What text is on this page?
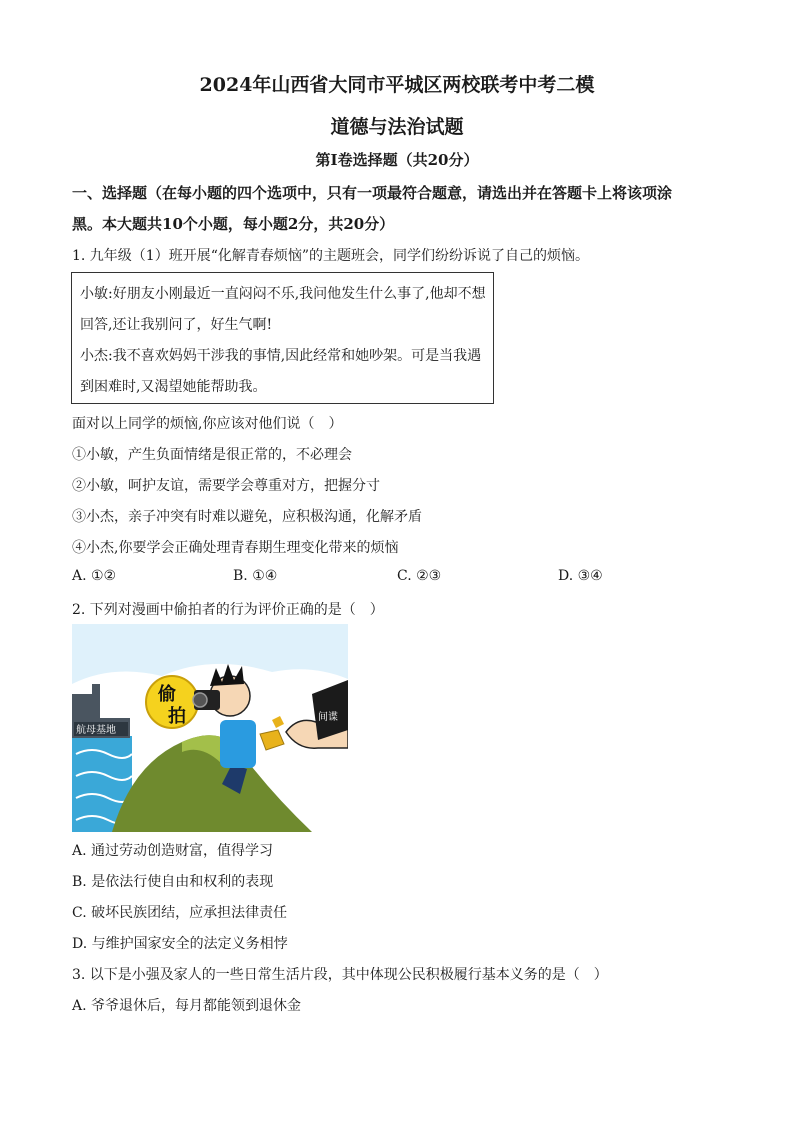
2024年山西省大同市平城区两校联考中考二模
道德与法治试题
第Ⅰ卷选择题（共20分）
一、选择题（在每小题的四个选项中，只有一项最符合题意，请选出并在答题卡上将该项涂
黑。本大题共10个小题，每小题2分，共20分）
1. 九年级（1）班开展“化解青春烦恼”的主题班会，同学们纷纷诉说了自己的烦恼。

小敏:好朋友小刚最近一直闷闷不乐,我问他发生什么事了,他却不想

回答,还让我别问了，好生气啊!

小杰:我不喜欢妈妈干涉我的事情,因此经常和她吵架。可是当我遇

到困难时,又渴望她能帮助我。

面对以上同学的烦恼,你应该对他们说（　）
①小敏，产生负面情绪是很正常的，不必理会
②小敏，呵护友谊，需要学会尊重对方，把握分寸
③小杰，亲子冲突有时难以避免，应积极沟通，化解矛盾
④小杰,你要学会正确处理青春期生理变化带来的烦恼
A. ①②	B. ①④	C. ②③	D. ③④
2. 下列对漫画中偷拍者的行为评价正确的是（　）
航母基地
偷
拍	间谍
A. 通过劳动创造财富，值得学习
B. 是依法行使自由和权利的表现
C. 破坏民族团结，应承担法律责任
D. 与维护国家安全的法定义务相悖
3. 以下是小强及家人的一些日常生活片段，其中体现公民积极履行基本义务的是（　）
A. 爷爷退休后，每月都能领到退休金
